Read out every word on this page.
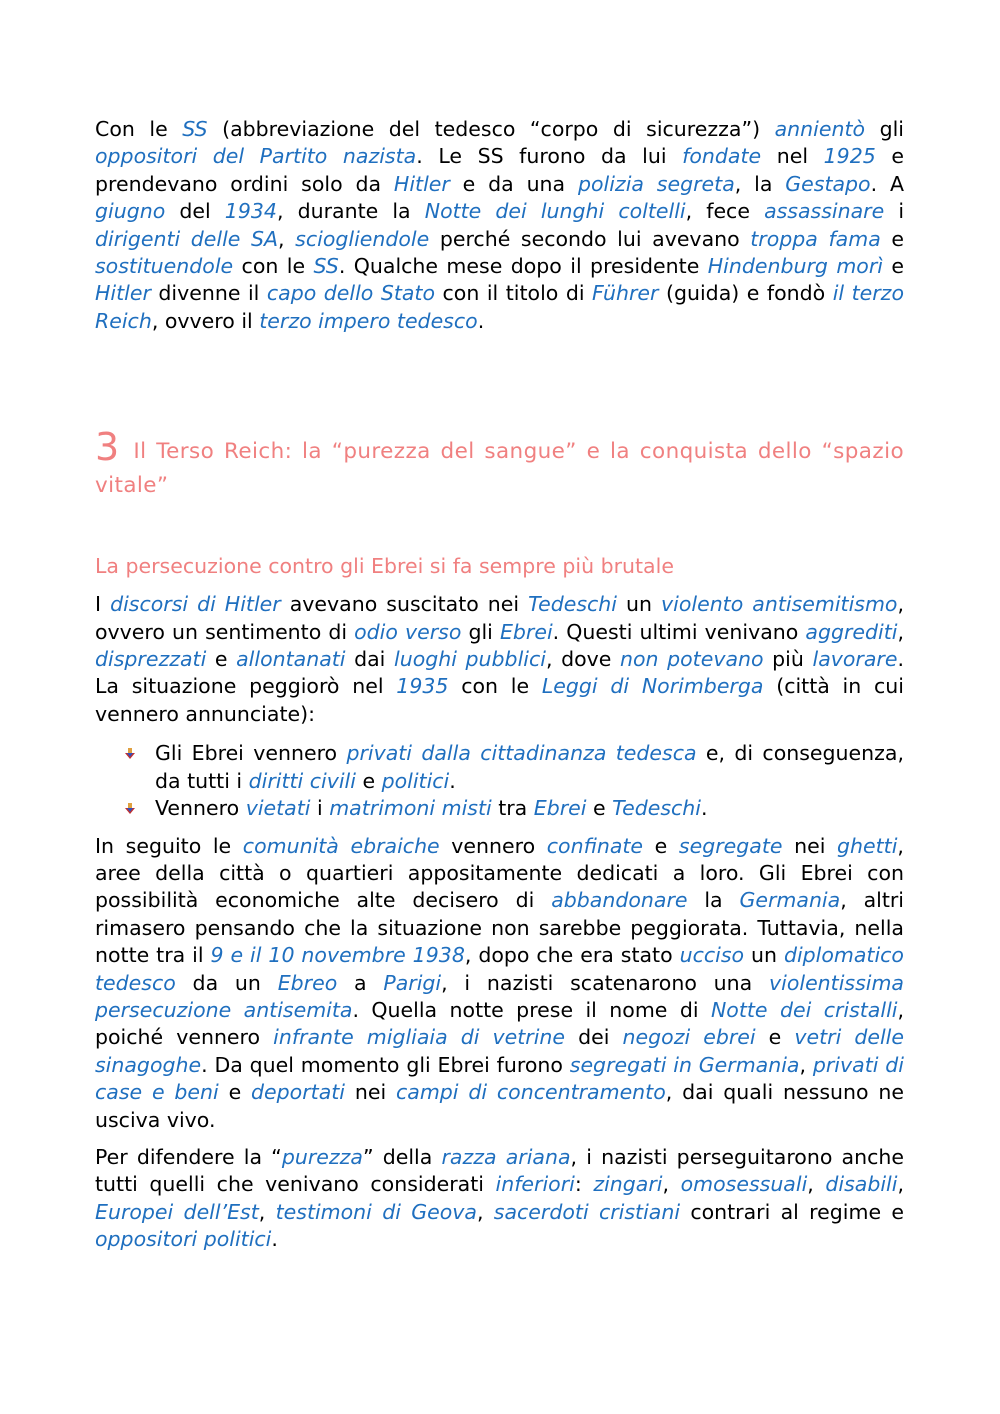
Con le SS (abbreviazione del tedesco “corpo di sicurezza”) annientò gli oppositori del Partito nazista. Le SS furono da lui fondate nel 1925 e prendevano ordini solo da Hitler e da una polizia segreta, la Gestapo. A giugno del 1934, durante la Notte dei lunghi coltelli, fece assassinare i dirigenti delle SA, sciogliendole perché secondo lui avevano troppa fama e sostituendole con le SS. Qualche mese dopo il presidente Hindenburg morì e Hitler divenne il capo dello Stato con il titolo di Führer (guida) e fondò il terzo Reich, ovvero il terzo impero tedesco.

3 Il Terso Reich: la “purezza del sangue” e la conquista dello “spazio vitale”
La persecuzione contro gli Ebrei si fa sempre più brutale

I discorsi di Hitler avevano suscitato nei Tedeschi un violento antisemitismo, ovvero un sentimento di odio verso gli Ebrei. Questi ultimi venivano aggrediti, disprezzati e allontanati dai luoghi pubblici, dove non potevano più lavorare. La situazione peggiorò nel 1935 con le Leggi di Norimberga (città in cui vennero annunciate):

Gli Ebrei vennero privati dalla cittadinanza tedesca e, di conseguenza, da tutti i diritti civili e politici.
Vennero vietati i matrimoni misti tra Ebrei e Tedeschi.

In seguito le comunità ebraiche vennero confinate e segregate nei ghetti, aree della città o quartieri appositamente dedicati a loro. Gli Ebrei con possibilità economiche alte decisero di abbandonare la Germania, altri rimasero pensando che la situazione non sarebbe peggiorata. Tuttavia, nella notte tra il 9 e il 10 novembre 1938, dopo che era stato ucciso un diplomatico tedesco da un Ebreo a Parigi, i nazisti scatenarono una violentissima persecuzione antisemita. Quella notte prese il nome di Notte dei cristalli, poiché vennero infrante migliaia di vetrine dei negozi ebrei e vetri delle sinagoghe. Da quel momento gli Ebrei furono segregati in Germania, privati di case e beni e deportati nei campi di concentramento, dai quali nessuno ne usciva vivo.

Per difendere la “purezza” della razza ariana, i nazisti perseguitarono anche tutti quelli che venivano considerati inferiori: zingari, omosessuali, disabili, Europei dell’Est, testimoni di Geova, sacerdoti cristiani contrari al regime e oppositori politici.
